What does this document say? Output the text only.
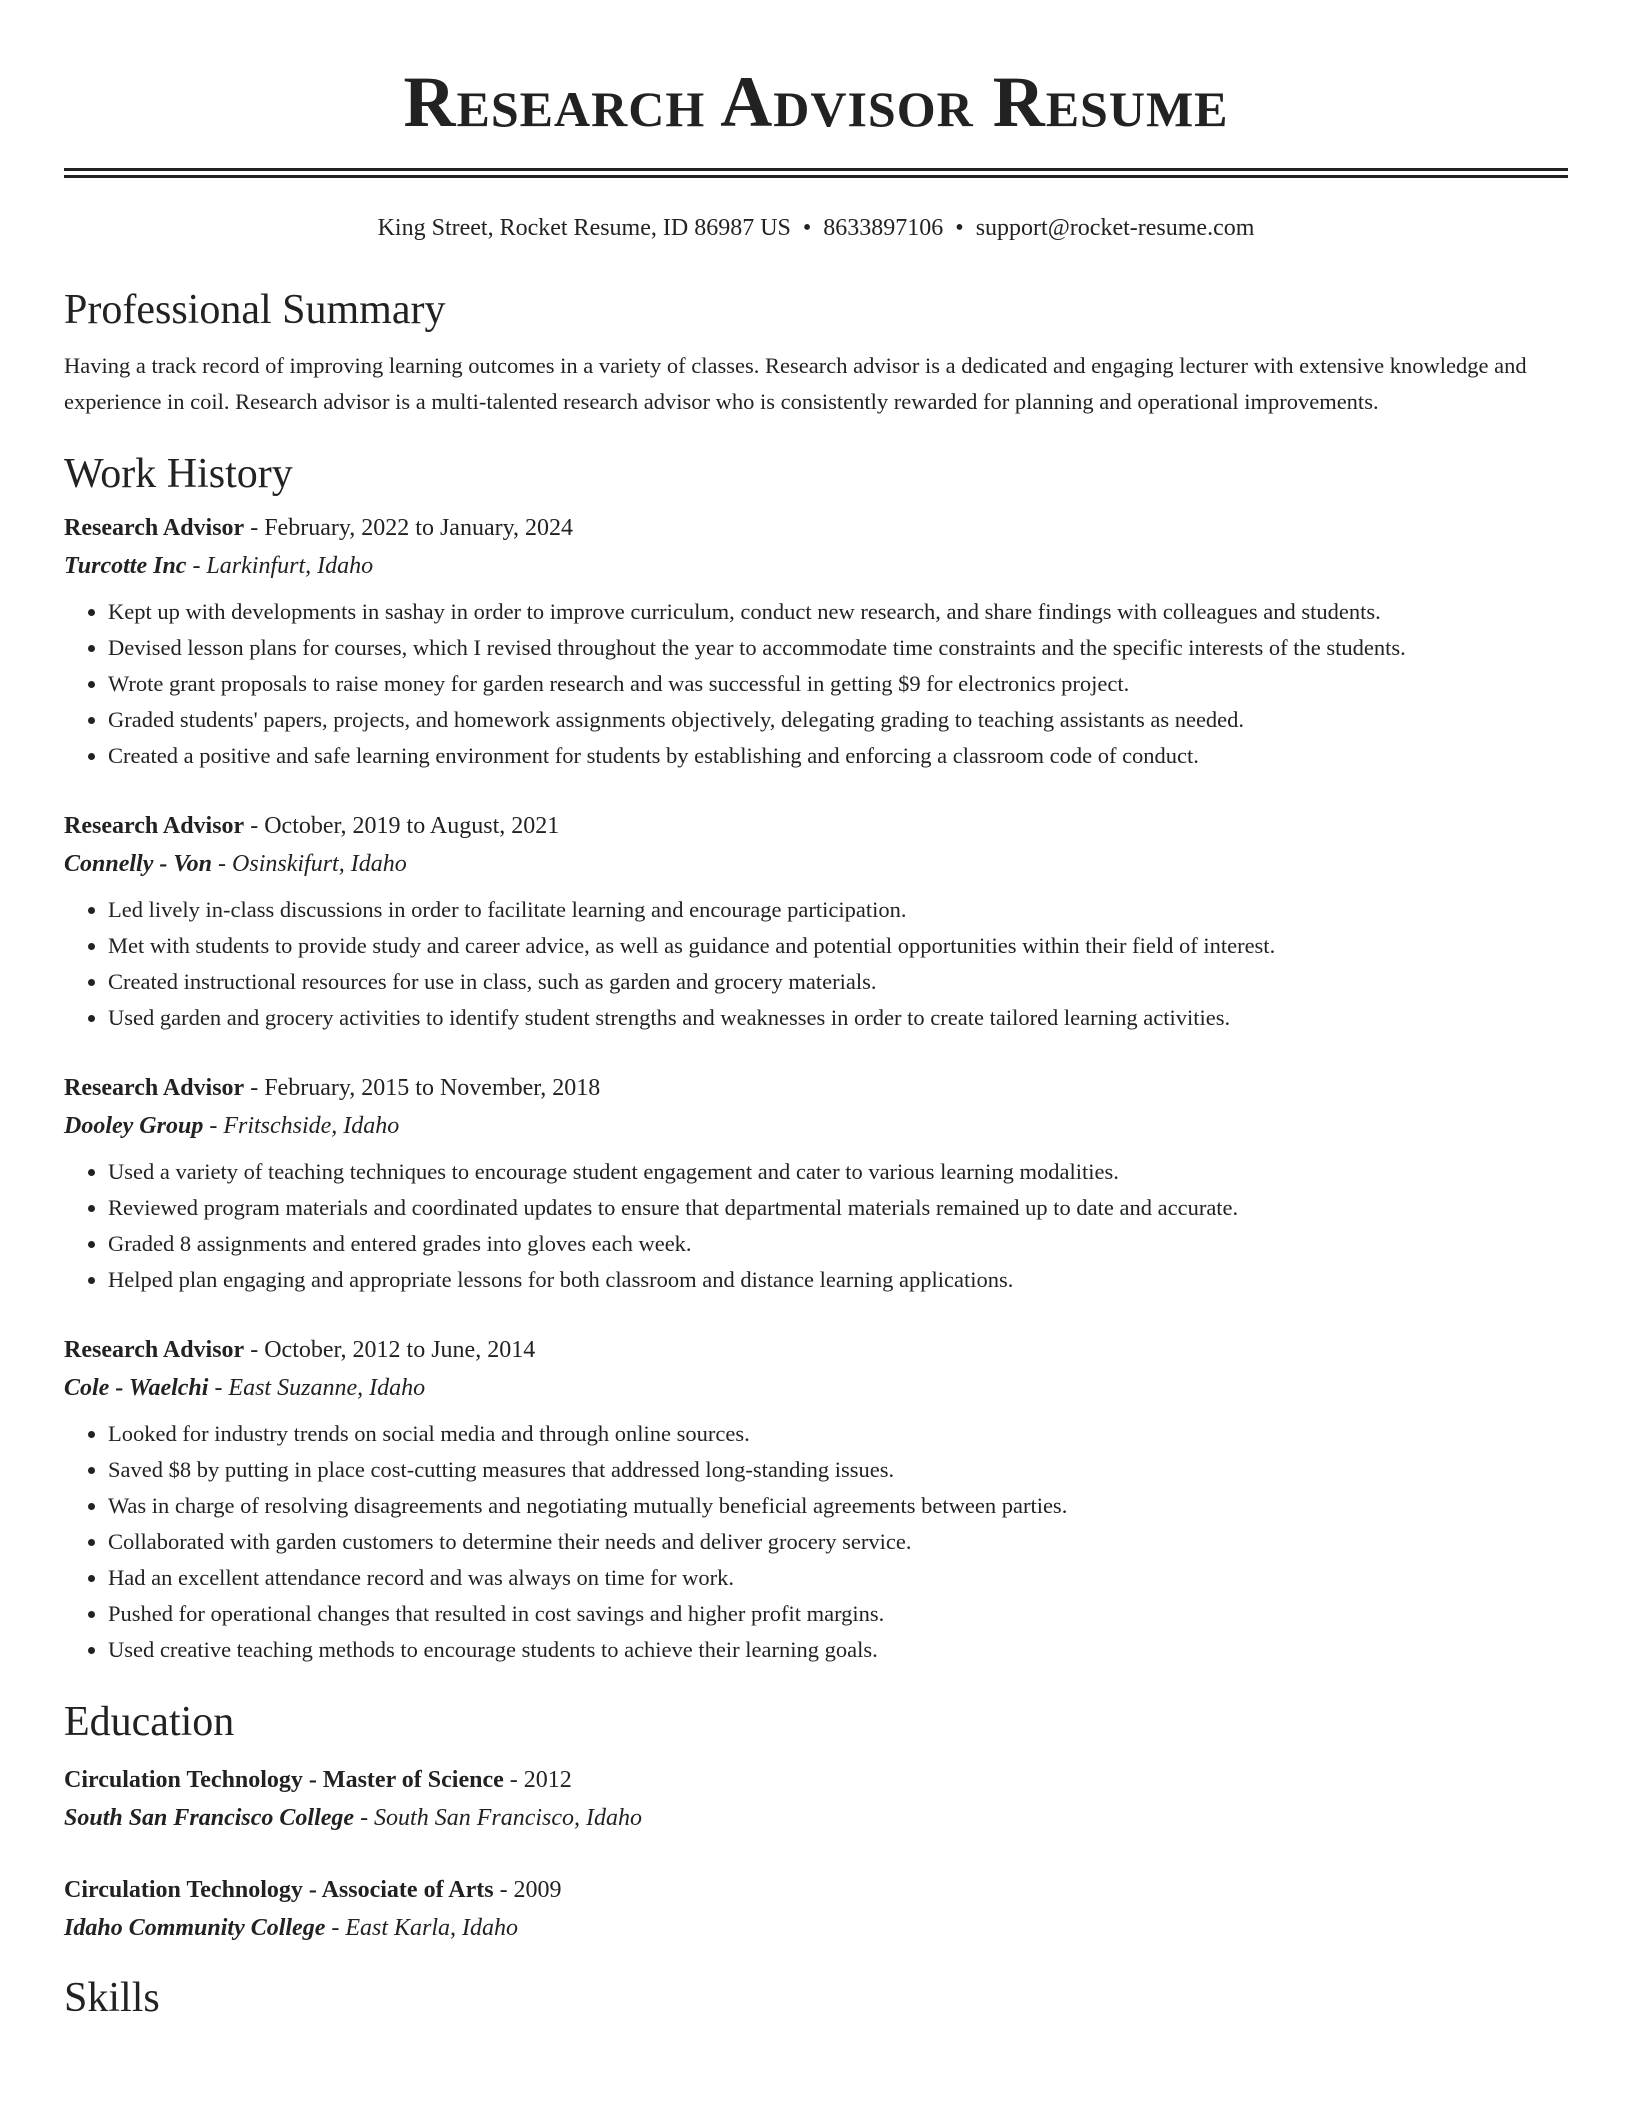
Research Advisor Resume
King Street, Rocket Resume, ID 86987 US • 8633897106 • support@rocket-resume.com
Professional Summary

Having a track record of improving learning outcomes in a variety of classes. Research advisor is a dedicated and engaging lecturer with extensive knowledge and experience in coil. Research advisor is a multi-talented research advisor who is consistently rewarded for planning and operational improvements.

Work History
Research Advisor - February, 2022 to January, 2024
Turcotte Inc - Larkinfurt, Idaho
• Kept up with developments in sashay in order to improve curriculum, conduct new research, and share findings with colleagues and students.
• Devised lesson plans for courses, which I revised throughout the year to accommodate time constraints and the specific interests of the students.
• Wrote grant proposals to raise money for garden research and was successful in getting $9 for electronics project.
• Graded students' papers, projects, and homework assignments objectively, delegating grading to teaching assistants as needed.
• Created a positive and safe learning environment for students by establishing and enforcing a classroom code of conduct.
Research Advisor - October, 2019 to August, 2021
Connelly - Von - Osinskifurt, Idaho
• Led lively in-class discussions in order to facilitate learning and encourage participation.
• Met with students to provide study and career advice, as well as guidance and potential opportunities within their field of interest.
• Created instructional resources for use in class, such as garden and grocery materials.
• Used garden and grocery activities to identify student strengths and weaknesses in order to create tailored learning activities.
Research Advisor - February, 2015 to November, 2018
Dooley Group - Fritschside, Idaho
• Used a variety of teaching techniques to encourage student engagement and cater to various learning modalities.
• Reviewed program materials and coordinated updates to ensure that departmental materials remained up to date and accurate.
• Graded 8 assignments and entered grades into gloves each week.
• Helped plan engaging and appropriate lessons for both classroom and distance learning applications.
Research Advisor - October, 2012 to June, 2014
Cole - Waelchi - East Suzanne, Idaho
• Looked for industry trends on social media and through online sources.
• Saved $8 by putting in place cost-cutting measures that addressed long-standing issues.
• Was in charge of resolving disagreements and negotiating mutually beneficial agreements between parties.
• Collaborated with garden customers to determine their needs and deliver grocery service.
• Had an excellent attendance record and was always on time for work.
• Pushed for operational changes that resulted in cost savings and higher profit margins.
• Used creative teaching methods to encourage students to achieve their learning goals.
Education
Circulation Technology - Master of Science - 2012
South San Francisco College - South San Francisco, Idaho
Circulation Technology - Associate of Arts - 2009
Idaho Community College - East Karla, Idaho
Skills
